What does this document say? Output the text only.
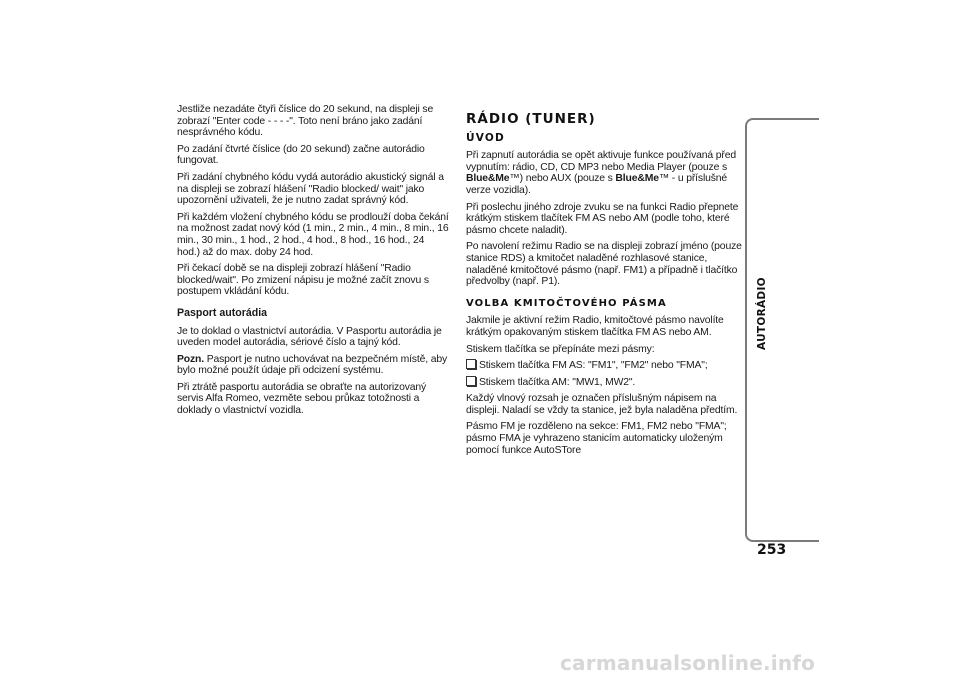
Jestliže nezadáte čtyři číslice do 20 sekund, na displeji se zobrazí "Enter code - - - -". Toto není bráno jako zadání nesprávného kódu.

Po zadání čtvrté číslice (do 20 sekund) začne autorádio fungovat.

Při zadání chybného kódu vydá autorádio akustický signál a na displeji se zobrazí hlášení "Radio blocked/ wait" jako upozornění uživateli, že je nutno zadat správný kód.

Při každém vložení chybného kódu se prodlouží doba čekání na možnost zadat nový kód (1 min., 2 min., 4 min., 8 min., 16 min., 30 min., 1 hod., 2 hod., 4 hod., 8 hod., 16 hod., 24 hod.) až do max. doby 24 hod.

Při čekací době se na displeji zobrazí hlášení "Radio blocked/wait". Po zmizení nápisu je možné začít znovu s postupem vkládání kódu.

Pasport autorádia

Je to doklad o vlastnictví autorádia. V Pasportu autorádia je uveden model autorádia, sériové číslo a tajný kód.

Pozn. Pasport je nutno uchovávat na bezpečném místě, aby bylo možné použít údaje při odcizení systému.

Při ztrátě pasportu autorádia se obraťte na autorizovaný servis Alfa Romeo, vezměte sebou průkaz totožnosti a doklady o vlastnictví vozidla.

RÁDIO (TUNER)
ÚVOD

Při zapnutí autorádia se opět aktivuje funkce používaná před vypnutím: rádio, CD, CD MP3 nebo Media Player (pouze s Blue&Me™) nebo AUX (pouze s Blue&Me™ - u příslušné verze vozidla).

Při poslechu jiného zdroje zvuku se na funkci Radio přepnete krátkým stiskem tlačítek FM AS nebo AM (podle toho, které pásmo chcete naladit).

Po navolení režimu Radio se na displeji zobrazí jméno (pouze stanice RDS) a kmitočet naladěné rozhlasové stanice, naladěné kmitočtové pásmo (např. FM1) a případně i tlačítko předvolby (např. P1).

VOLBA KMITOČTOVÉHO PÁSMA

Jakmile je aktivní režim Radio, kmitočtové pásmo navolíte krátkým opakovaným stiskem tlačítka FM AS nebo AM.

Stiskem tlačítka se přepínáte mezi pásmy:

Stiskem tlačítka FM AS: "FM1", "FM2" nebo "FMA";

Stiskem tlačítka AM: "MW1, MW2".

Každý vlnový rozsah je označen příslušným nápisem na displeji. Naladí se vždy ta stanice, jež byla naladěna předtím.

Pásmo FM je rozděleno na sekce: FM1, FM2 nebo "FMA"; pásmo FMA je vyhrazeno stanicím automaticky uloženým pomocí funkce AutoSTore

AUTORÁDIO
253
carmanualsonline.info
